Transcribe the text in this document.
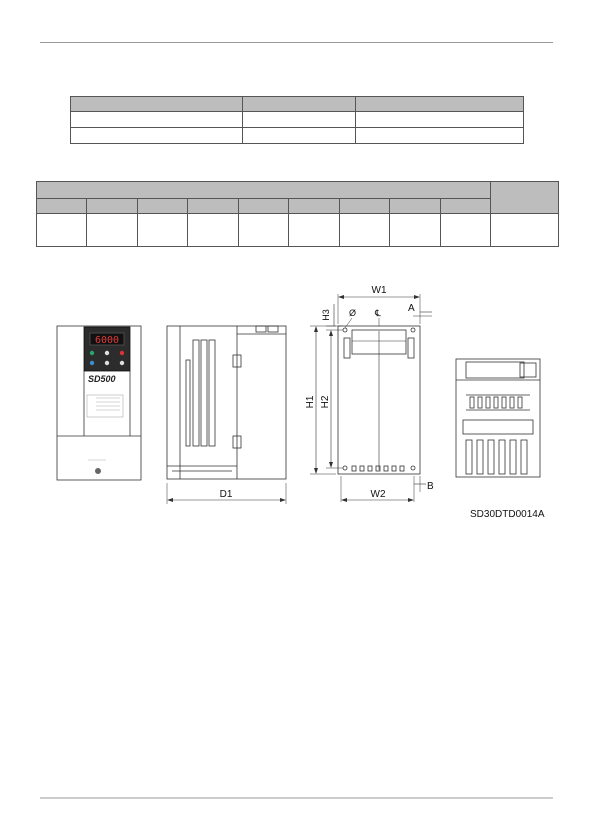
6000
SD500
D1
W1
W2
H1 H2
H3
A
B
Ø ℄
SD30DTD0014A
